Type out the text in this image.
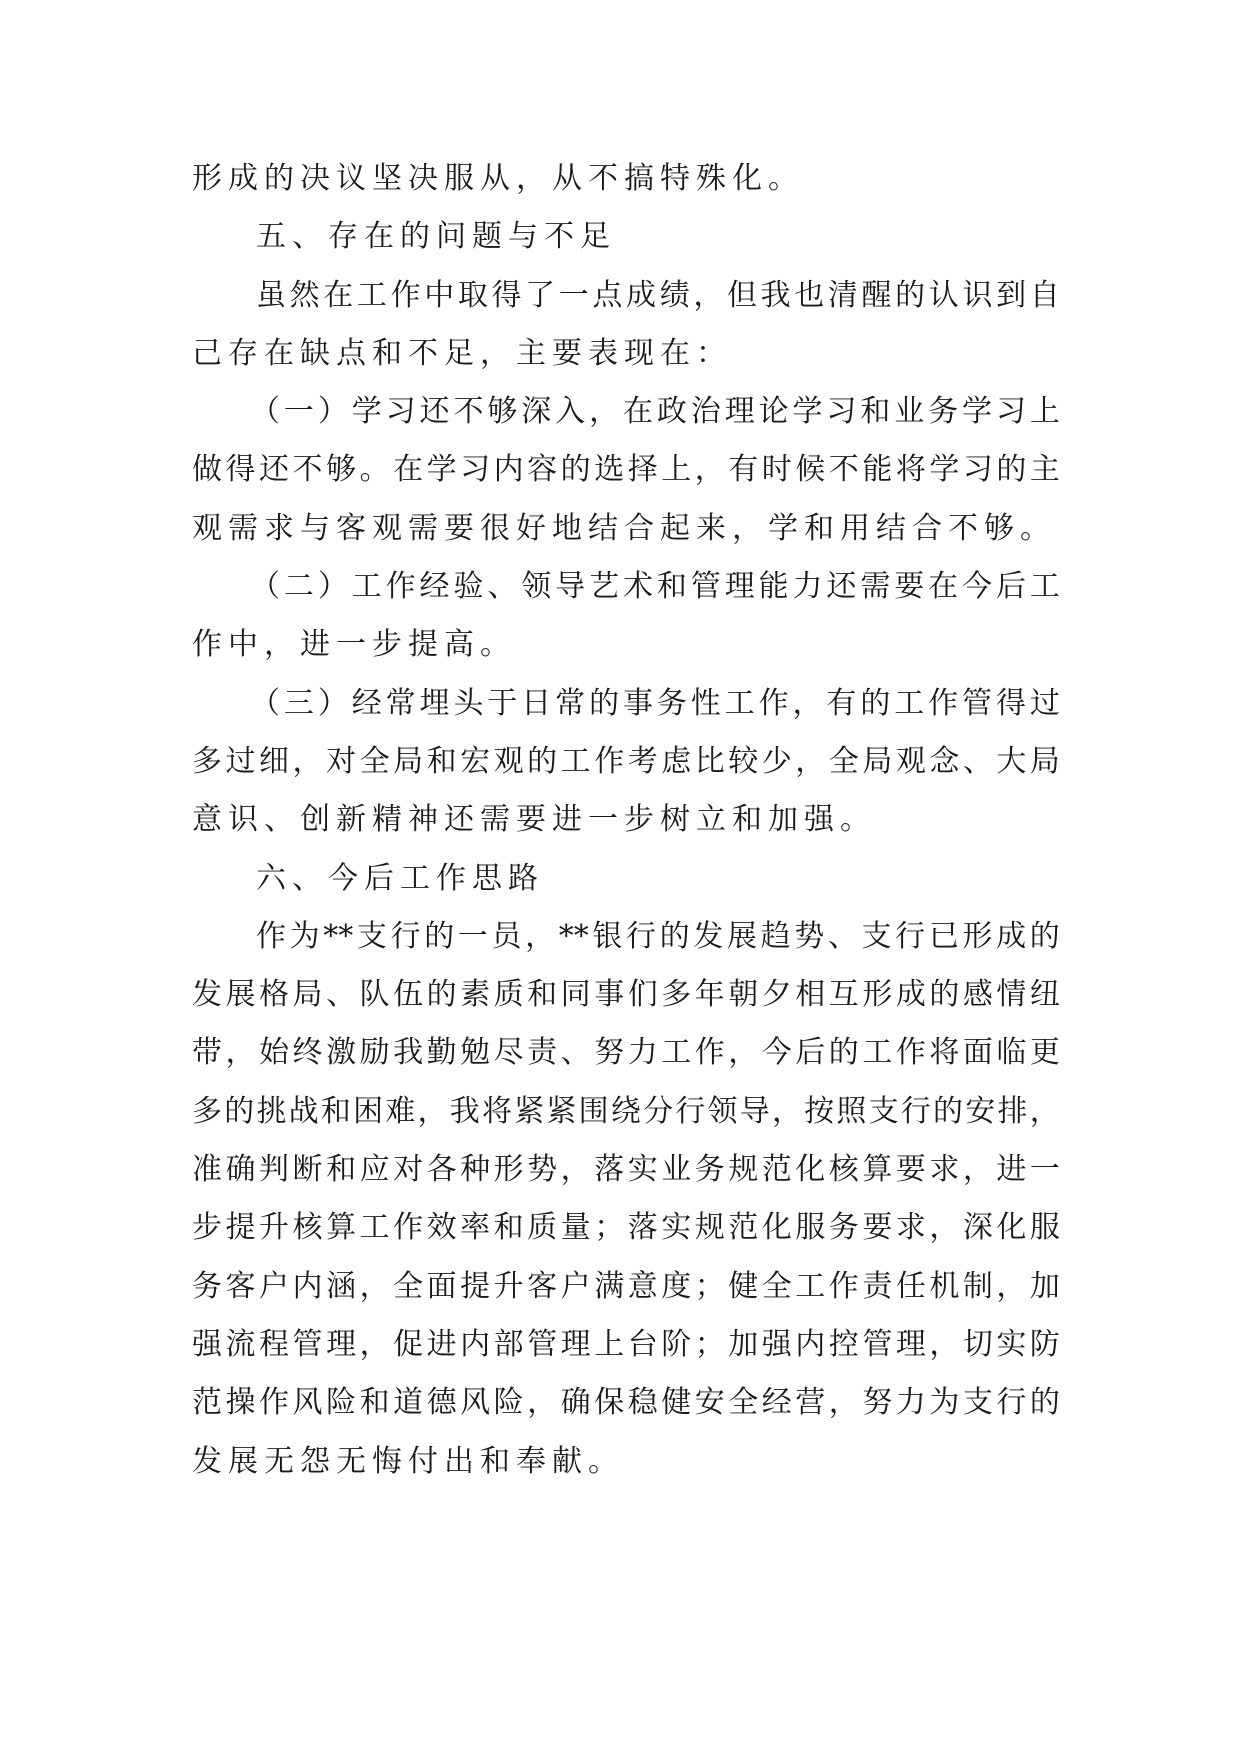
形成的决议坚决服从，从不搞特殊化。
五、存在的问题与不足
虽 然 在 工 作 中 取 得 了 一 点 成 绩 ， 但 我 也 清 醒 的 认 识 到 自
己存在缺点和不足，主要表现在：
（ 一 ） 学 习 还 不 够 深 入 ， 在 政 治 理 论 学 习 和 业 务 学 习 上
做 得 还 不 够 。 在 学 习 内 容 的 选 择 上 ， 有 时 候 不 能 将 学 习 的 主
观需求与客观需要很好地结合起来，学和用结合不够。
（ 二 ） 工 作 经 验 、 领 导 艺 术 和 管 理 能 力 还 需 要 在 今 后 工
作中，进一步提高。
（ 三 ） 经 常 埋 头 于 日 常 的 事 务 性 工 作 ， 有 的 工 作 管 得 过
多 过 细 ， 对 全 局 和 宏 观 的 工 作 考 虑 比 较 少 ， 全 局 观 念 、 大 局
意识、创新精神还需要进一步树立和加强。
六、今后工作思路
作 为 ** 支 行 的 一 员 ， ** 银 行 的 发 展 趋 势 、 支 行 已 形 成 的
发 展 格 局 、 队 伍 的 素 质 和 同 事 们 多 年 朝 夕 相 互 形 成 的 感 情 纽
带 ， 始 终 激 励 我 勤 勉 尽 责 、 努 力 工 作 ， 今 后 的 工 作 将 面 临 更
多 的 挑 战 和 困 难 ， 我 将 紧 紧 围 绕 分 行 领 导 ， 按 照 支 行 的 安 排 ，
准 确 判 断 和 应 对 各 种 形 势 ， 落 实 业 务 规 范 化 核 算 要 求 ， 进 一
步 提 升 核 算 工 作 效 率 和 质 量 ； 落 实 规 范 化 服 务 要 求 ， 深 化 服
务 客 户 内 涵 ， 全 面 提 升 客 户 满 意 度 ； 健 全 工 作 责 任 机 制 ， 加
强 流 程 管 理 ， 促 进 内 部 管 理 上 台 阶 ； 加 强 内 控 管 理 ， 切 实 防
范 操 作 风 险 和 道 德 风 险 ， 确 保 稳 健 安 全 经 营 ， 努 力 为 支 行 的
发展无怨无悔付出和奉献。
